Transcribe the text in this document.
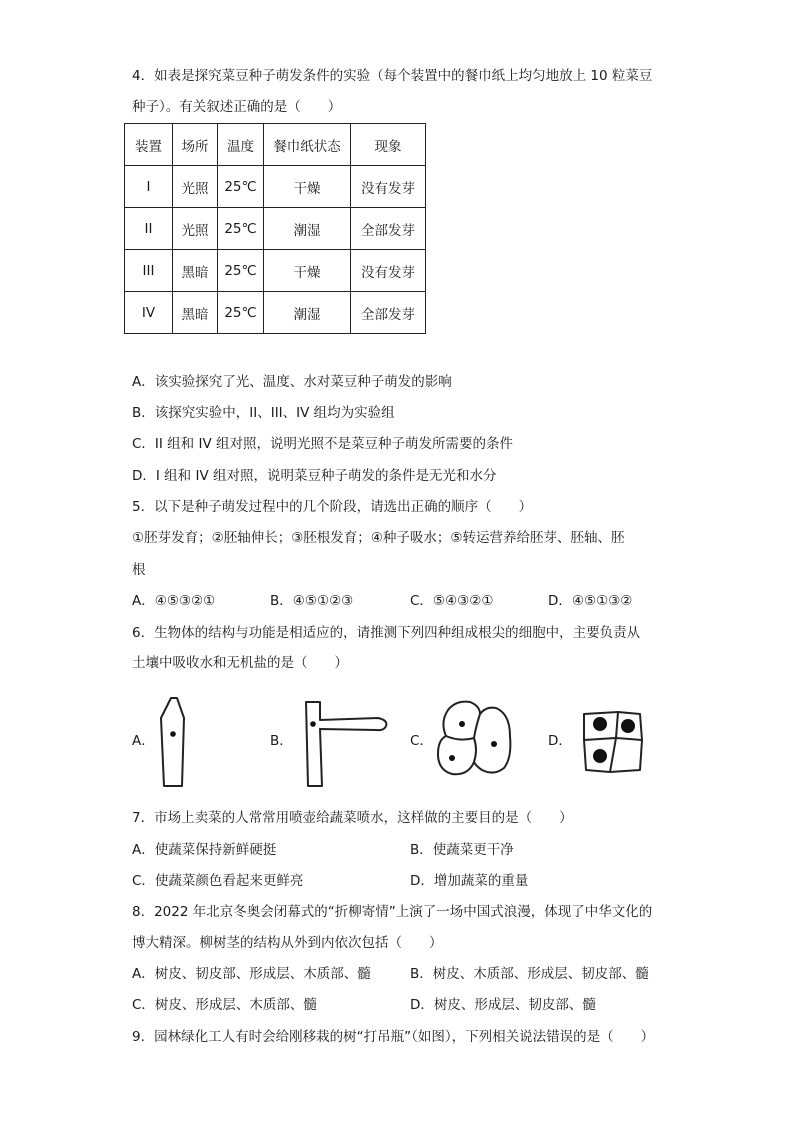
4．如表是探究菜豆种子萌发条件的实验（每个装置中的餐巾纸上均匀地放上 10 粒菜豆
种子）。有关叙述正确的是（　　）
装置	场所	温度	餐巾纸状态	现象
I	光照	25℃	干燥	没有发芽
II	光照	25℃	潮湿	全部发芽
III	黑暗	25℃	干燥	没有发芽
IV	黑暗	25℃	潮湿	全部发芽
A．该实验探究了光、温度、水对菜豆种子萌发的影响
B．该探究实验中，II、III、IV 组均为实验组
C．II 组和 IV 组对照，说明光照不是菜豆种子萌发所需要的条件
D．I 组和 IV 组对照，说明菜豆种子萌发的条件是无光和水分
5．以下是种子萌发过程中的几个阶段，请选出正确的顺序（　　）
①胚芽发育；②胚轴伸长；③胚根发育；④种子吸水；⑤转运营养给胚芽、胚轴、胚
根
A．④⑤③②①	B．④⑤①②③	C．⑤④③②①	D．④⑤①③②
6．生物体的结构与功能是相适应的，请推测下列四种组成根尖的细胞中，主要负责从
土壤中吸收水和无机盐的是（　　）
A．	B．	C．	D．
7．市场上卖菜的人常常用喷壶给蔬菜喷水，这样做的主要目的是（　　）
A．使蔬菜保持新鲜硬挺	B．使蔬菜更干净
C．使蔬菜颜色看起来更鲜亮	D．增加蔬菜的重量
8．2022 年北京冬奥会闭幕式的“折柳寄情”上演了一场中国式浪漫，体现了中华文化的
博大精深。柳树茎的结构从外到内依次包括（　　）
A．树皮、韧皮部、形成层、木质部、髓	B．树皮、木质部、形成层、韧皮部、髓
C．树皮、形成层、木质部、髓	D．树皮、形成层、韧皮部、髓
9．园林绿化工人有时会给刚移栽的树“打吊瓶”（如图），下列相关说法错误的是（　　）
